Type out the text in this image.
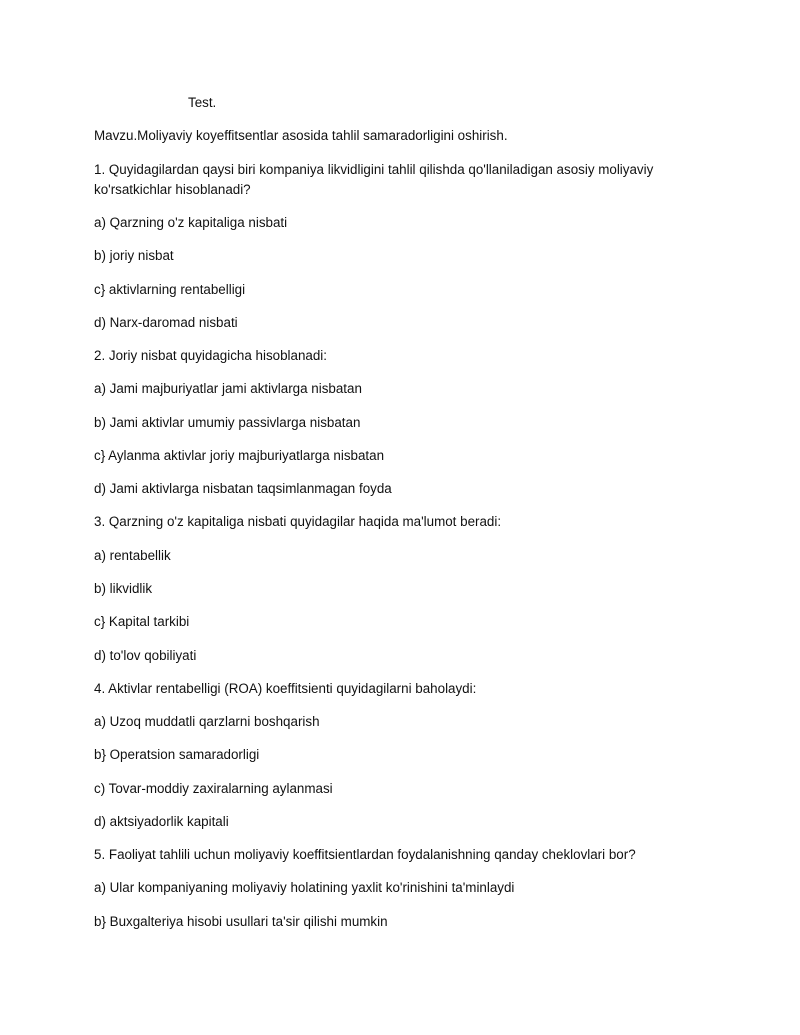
Test.
Mavzu.Moliyaviy koyeffitsentlar asosida tahlil samaradorligini oshirish.
1. Quyidagilardan qaysi biri kompaniya likvidligini tahlil qilishda qo'llaniladigan asosiy moliyaviy
ko'rsatkichlar hisoblanadi?
a) Qarzning o'z kapitaliga nisbati
b) joriy nisbat
c} aktivlarning rentabelligi
d) Narx-daromad nisbati
2. Joriy nisbat quyidagicha hisoblanadi:
a) Jami majburiyatlar jami aktivlarga nisbatan
b) Jami aktivlar umumiy passivlarga nisbatan
c} Aylanma aktivlar joriy majburiyatlarga nisbatan
d) Jami aktivlarga nisbatan taqsimlanmagan foyda
3. Qarzning o'z kapitaliga nisbati quyidagilar haqida ma'lumot beradi:
a) rentabellik
b) likvidlik
c} Kapital tarkibi
d) to'lov qobiliyati
4. Aktivlar rentabelligi (ROA) koeffitsienti quyidagilarni baholaydi:
a) Uzoq muddatli qarzlarni boshqarish
b} Operatsion samaradorligi
c) Tovar-moddiy zaxiralarning aylanmasi
d) aktsiyadorlik kapitali
5. Faoliyat tahlili uchun moliyaviy koeffitsientlardan foydalanishning qanday cheklovlari bor?
a) Ular kompaniyaning moliyaviy holatining yaxlit ko'rinishini ta'minlaydi
b} Buxgalteriya hisobi usullari ta'sir qilishi mumkin
